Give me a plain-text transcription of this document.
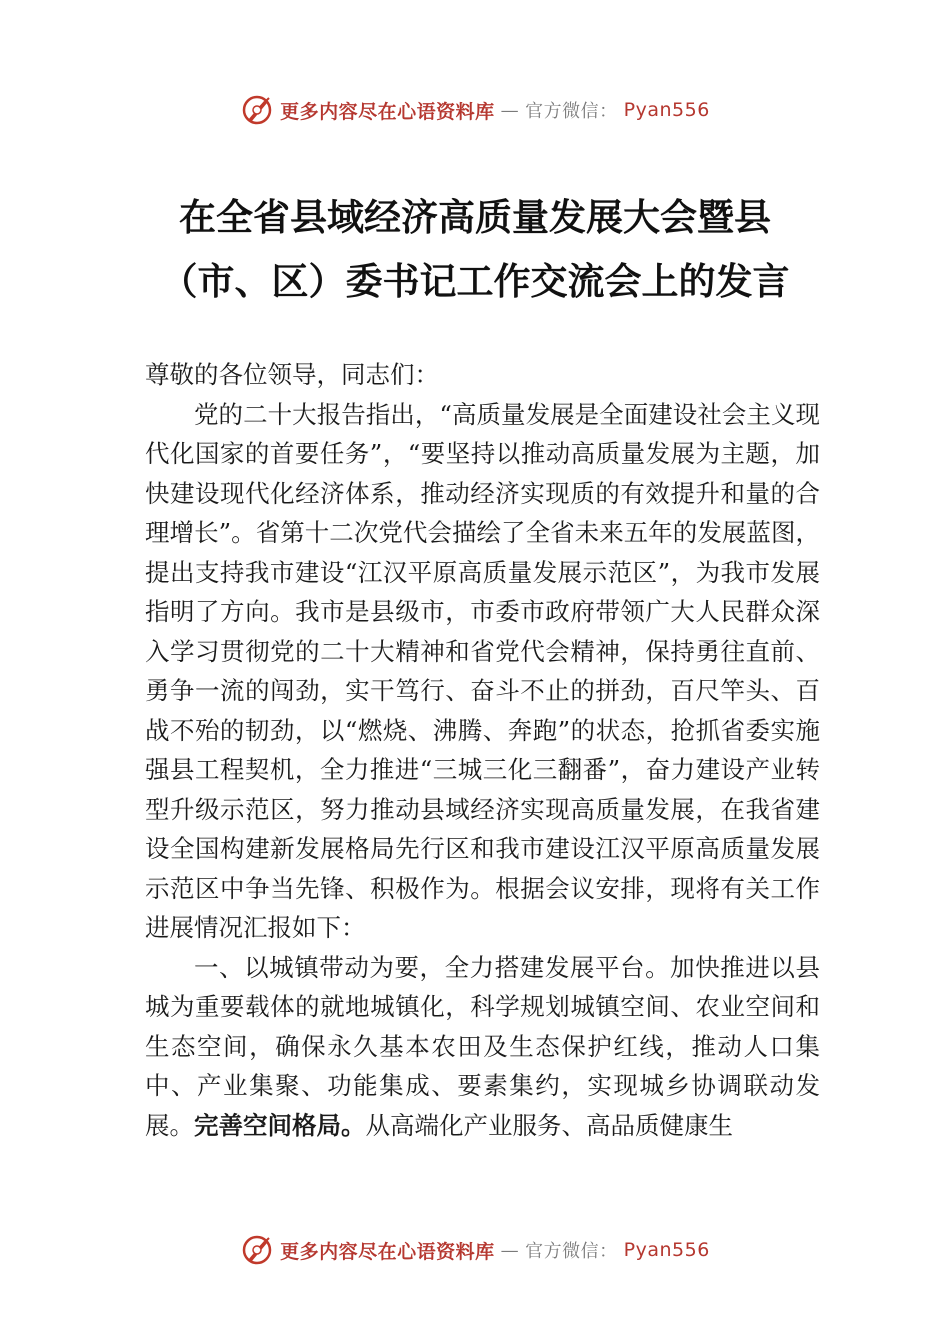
更多内容尽在心语资料库 — 官方微信： Pyan556
在全省县域经济高质量发展大会暨县
（市、区）委书记工作交流会上的发言

尊敬的各位领导，同志们：

党的二十大报告指出，“高质量发展是全面建设社会主义现代化国家的首要任务”，“要坚持以推动高质量发展为主题，加快建设现代化经济体系，推动经济实现质的有效提升和量的合理增长”。省第十二次党代会描绘了全省未来五年的发展蓝图，提出支持我市建设“江汉平原高质量发展示范区”，为我市发展指明了方向。我市是县级市，市委市政府带领广大人民群众深入学习贯彻党的二十大精神和省党代会精神，保持勇往直前、勇争一流的闯劲，实干笃行、奋斗不止的拼劲，百尺竿头、百战不殆的韧劲，以“燃烧、沸腾、奔跑”的状态，抢抓省委实施强县工程契机，全力推进“三城三化三翻番”，奋力建设产业转型升级示范区，努力推动县域经济实现高质量发展，在我省建设全国构建新发展格局先行区和我市建设江汉平原高质量发展示范区中争当先锋、积极作为。根据会议安排，现将有关工作进展情况汇报如下：

一、以城镇带动为要，全力搭建发展平台。加快推进以县城为重要载体的就地城镇化，科学规划城镇空间、农业空间和生态空间，确保永久基本农田及生态保护红线，推动人口集中、产业集聚、功能集成、要素集约，实现城乡协调联动发展。完善空间格局。从高端化产业服务、高品质健康生

更多内容尽在心语资料库 — 官方微信： Pyan556
